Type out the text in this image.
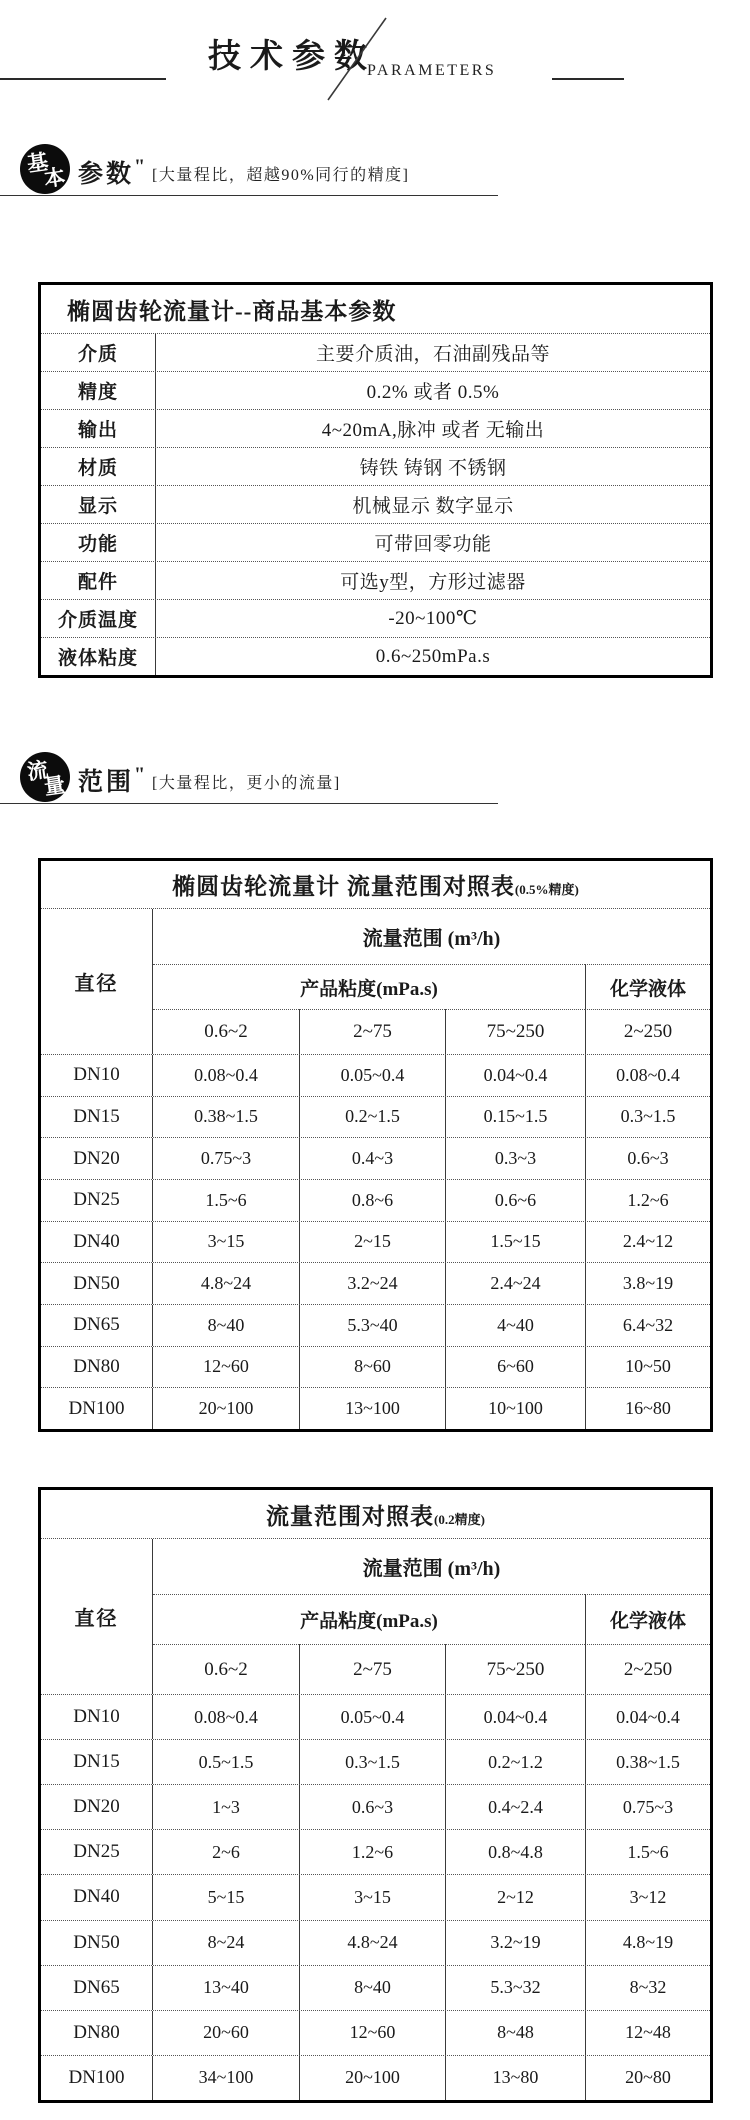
技术参数
PARAMETERS
基
本 参数" [大量程比，超越90%同行的精度]
椭圆齿轮流量计--商品基本参数
介质	主要介质油，石油副残品等
精度	0.2% 或者 0.5%
输出	4~20mA,脉冲 或者 无输出
材质	铸铁 铸钢 不锈钢
显示	机械显示 数字显示
功能	可带回零功能
配件	可选y型，方形过滤器
介质温度	-20~100℃
液体粘度	0.6~250mPa.s
流
量 范围" [大量程比，更小的流量]
椭圆齿轮流量计 流量范围对照表 (0.5%精度)
直径
流量范围 (m³/h)
产品粘度(mPa.s)	化学液体
0.6~2	2~75	75~250	2~250
DN10	0.08~0.4	0.05~0.4	0.04~0.4	0.08~0.4
DN15	0.38~1.5	0.2~1.5	0.15~1.5	0.3~1.5
DN20	0.75~3	0.4~3	0.3~3	0.6~3
DN25	1.5~6	0.8~6	0.6~6	1.2~6
DN40	3~15	2~15	1.5~15	2.4~12
DN50	4.8~24	3.2~24	2.4~24	3.8~19
DN65	8~40	5.3~40	4~40	6.4~32
DN80	12~60	8~60	6~60	10~50
DN100	20~100	13~100	10~100	16~80
流量范围对照表 (0.2精度)
直径
流量范围 (m³/h)
产品粘度(mPa.s)	化学液体
0.6~2	2~75	75~250	2~250
DN10	0.08~0.4	0.05~0.4	0.04~0.4	0.04~0.4
DN15	0.5~1.5	0.3~1.5	0.2~1.2	0.38~1.5
DN20	1~3	0.6~3	0.4~2.4	0.75~3
DN25	2~6	1.2~6	0.8~4.8	1.5~6
DN40	5~15	3~15	2~12	3~12
DN50	8~24	4.8~24	3.2~19	4.8~19
DN65	13~40	8~40	5.3~32	8~32
DN80	20~60	12~60	8~48	12~48
DN100	34~100	20~100	13~80	20~80
